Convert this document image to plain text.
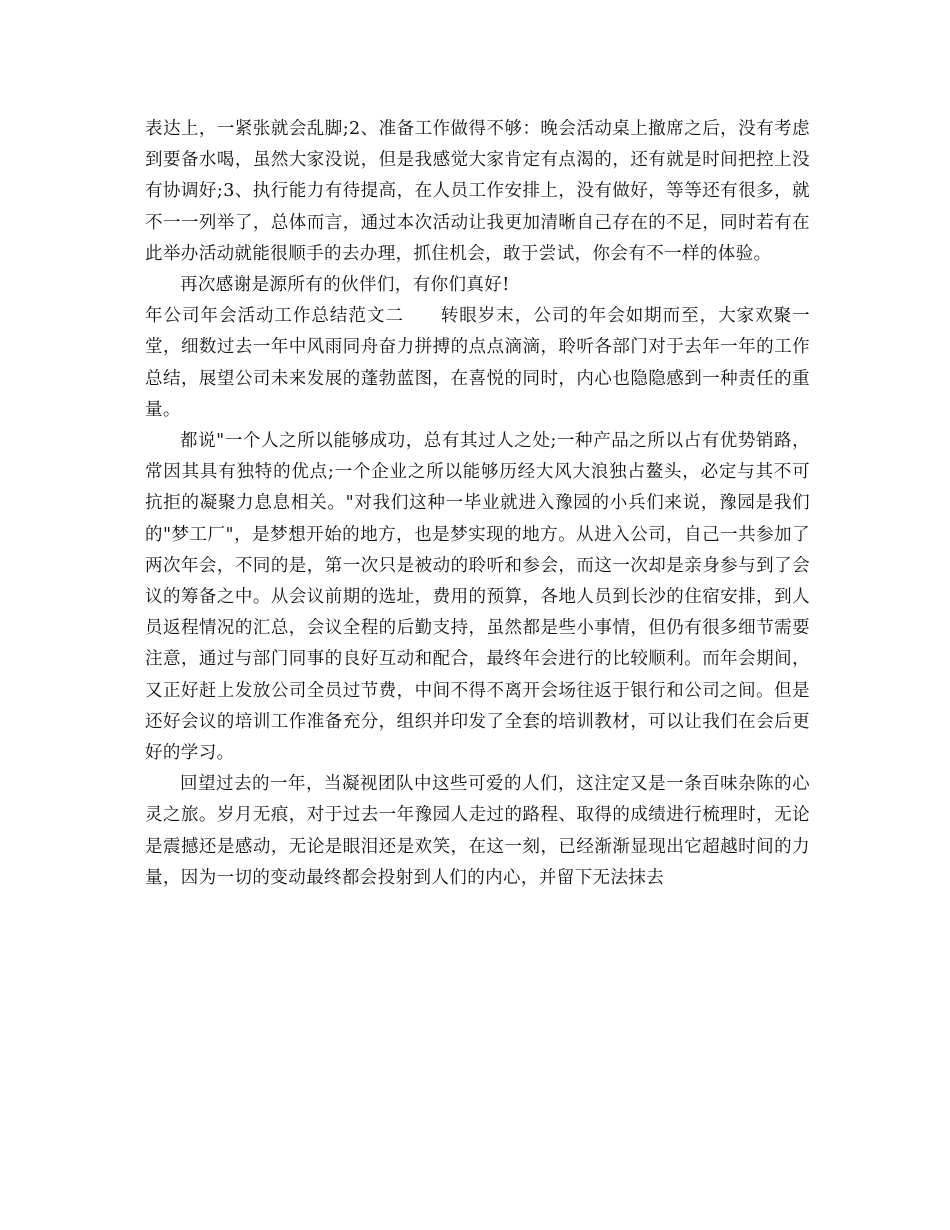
表达上，一紧张就会乱脚;2、准备工作做得不够：晚会活动桌上撤席之后，没有考虑到要备水喝，虽然大家没说，但是我感觉大家肯定有点渴的，还有就是时间把控上没有协调好;3、执行能力有待提高，在人员工作安排上，没有做好，等等还有很多，就不一一列举了，总体而言，通过本次活动让我更加清晰自己存在的不足，同时若有在此举办活动就能很顺手的去办理，抓住机会，敢于尝试，你会有不一样的体验。

再次感谢是源所有的伙伴们，有你们真好!

年公司年会活动工作总结范文二　　转眼岁末，公司的年会如期而至，大家欢聚一堂，细数过去一年中风雨同舟奋力拼搏的点点滴滴，聆听各部门对于去年一年的工作总结，展望公司未来发展的蓬勃蓝图，在喜悦的同时，内心也隐隐感到一种责任的重量。

都说"一个人之所以能够成功，总有其过人之处;一种产品之所以占有优势销路，常因其具有独特的优点;一个企业之所以能够历经大风大浪独占鳌头，必定与其不可抗拒的凝聚力息息相关。"对我们这种一毕业就进入豫园的小兵们来说，豫园是我们的"梦工厂"，是梦想开始的地方，也是梦实现的地方。从进入公司，自己一共参加了两次年会，不同的是，第一次只是被动的聆听和参会，而这一次却是亲身参与到了会议的筹备之中。从会议前期的选址，费用的预算，各地人员到长沙的住宿安排，到人员返程情况的汇总，会议全程的后勤支持，虽然都是些小事情，但仍有很多细节需要注意，通过与部门同事的良好互动和配合，最终年会进行的比较顺利。而年会期间，又正好赶上发放公司全员过节费，中间不得不离开会场往返于银行和公司之间。但是还好会议的培训工作准备充分，组织并印发了全套的培训教材，可以让我们在会后更好的学习。

回望过去的一年，当凝视团队中这些可爱的人们，这注定又是一条百味杂陈的心灵之旅。岁月无痕，对于过去一年豫园人走过的路程、取得的成绩进行梳理时，无论是震撼还是感动，无论是眼泪还是欢笑，在这一刻，已经渐渐显现出它超越时间的力量，因为一切的变动最终都会投射到人们的内心，并留下无法抹去
